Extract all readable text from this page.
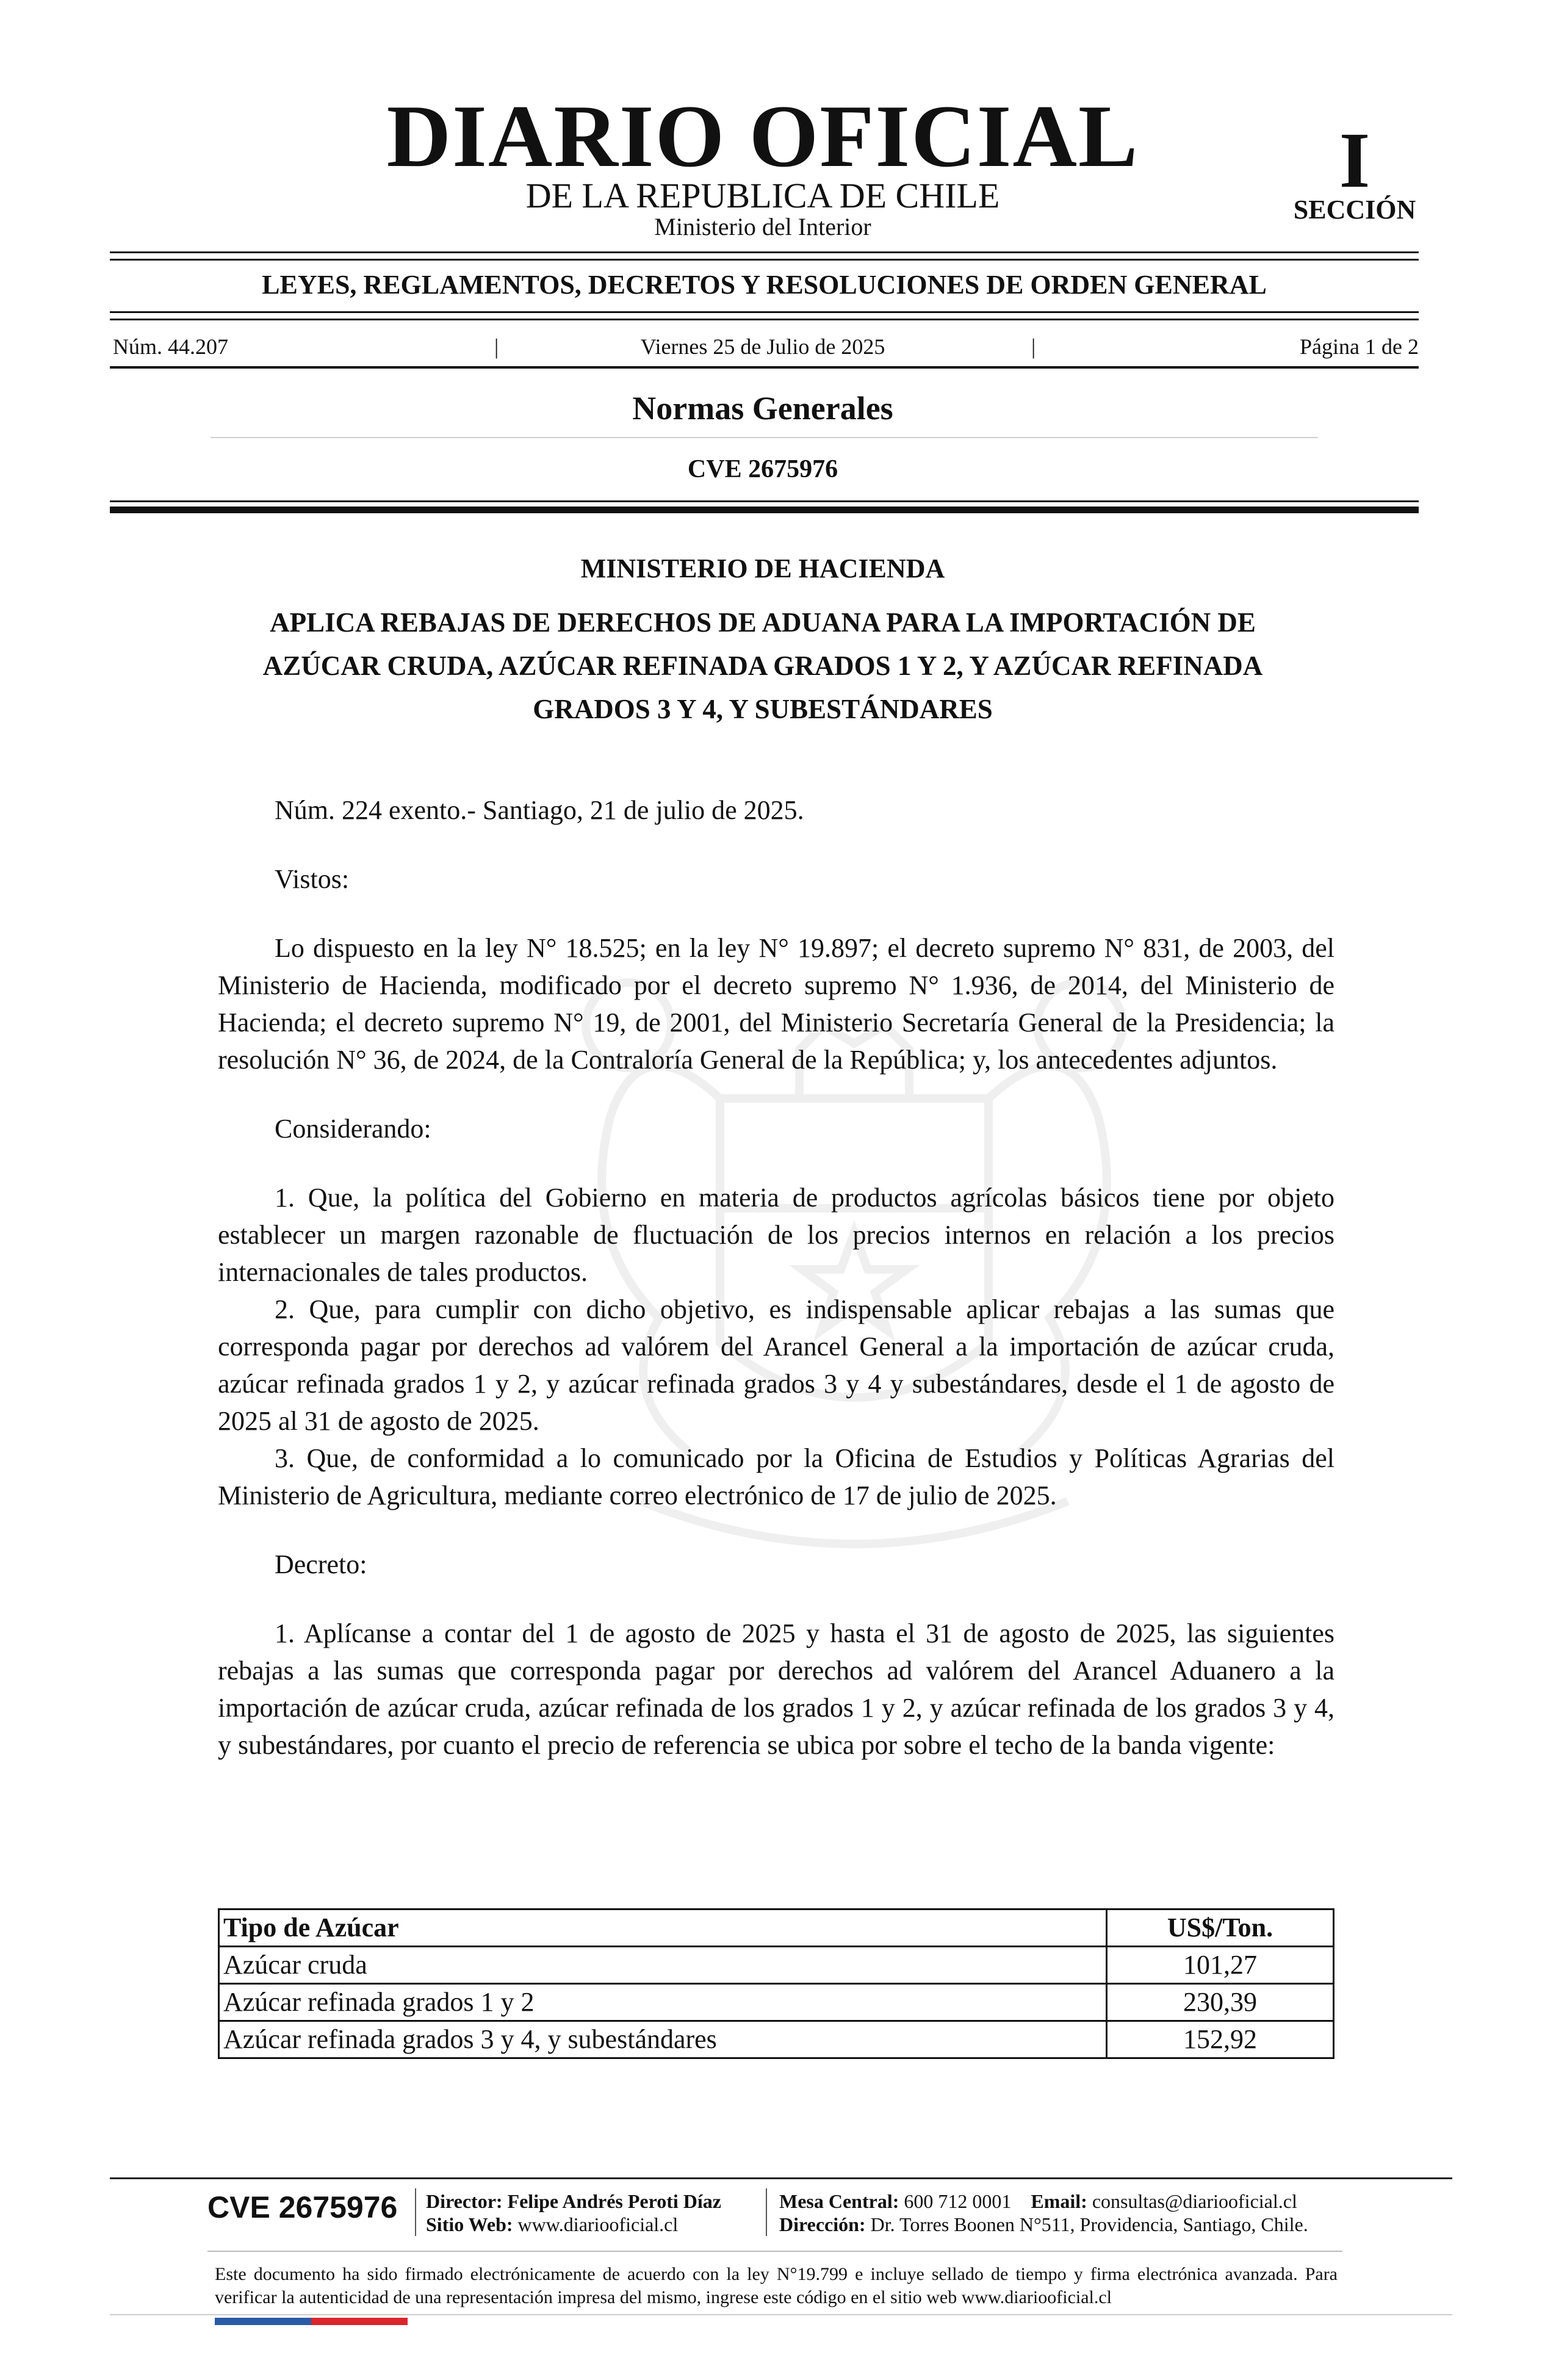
DIARIO OFICIAL
DE LA REPUBLICA DE CHILE
Ministerio del Interior
I
SECCIÓN
LEYES, REGLAMENTOS, DECRETOS Y RESOLUCIONES DE ORDEN GENERAL
Núm. 44.207	|	Viernes 25 de Julio de 2025	|	Página 1 de 2
Normas Generales
CVE 2675976
MINISTERIO DE HACIENDA
APLICA REBAJAS DE DERECHOS DE ADUANA PARA LA IMPORTACIÓN DE
AZÚCAR CRUDA, AZÚCAR REFINADA GRADOS 1 Y 2, Y AZÚCAR REFINADA
GRADOS 3 Y 4, Y SUBESTÁNDARES

Núm. 224 exento.- Santiago, 21 de julio de 2025.

Vistos:

Lo dispuesto en la ley N° 18.525; en la ley N° 19.897; el decreto supremo N° 831, de 2003, del Ministerio de Hacienda, modificado por el decreto supremo N° 1.936, de 2014, del Ministerio de Hacienda; el decreto supremo N° 19, de 2001, del Ministerio Secretaría General de la Presidencia; la resolución N° 36, de 2024, de la Contraloría General de la República; y, los antecedentes adjuntos.

Considerando:

1. Que, la política del Gobierno en materia de productos agrícolas básicos tiene por objeto establecer un margen razonable de fluctuación de los precios internos en relación a los precios internacionales de tales productos.

2. Que, para cumplir con dicho objetivo, es indispensable aplicar rebajas a las sumas que corresponda pagar por derechos ad valórem del Arancel General a la importación de azúcar cruda, azúcar refinada grados 1 y 2, y azúcar refinada grados 3 y 4 y subestándares, desde el 1 de agosto de 2025 al 31 de agosto de 2025.

3. Que, de conformidad a lo comunicado por la Oficina de Estudios y Políticas Agrarias del Ministerio de Agricultura, mediante correo electrónico de 17 de julio de 2025.

Decreto:

1. Aplícanse a contar del 1 de agosto de 2025 y hasta el 31 de agosto de 2025, las siguientes rebajas a las sumas que corresponda pagar por derechos ad valórem del Arancel Aduanero a la importación de azúcar cruda, azúcar refinada de los grados 1 y 2, y azúcar refinada de los grados 3 y 4, y subestándares, por cuanto el precio de referencia se ubica por sobre el techo de la banda vigente:

Tipo de Azúcar	US$/Ton.
Azúcar cruda	101,27
Azúcar refinada grados 1 y 2	230,39
Azúcar refinada grados 3 y 4, y subestándares	152,92
CVE 2675976 Director: Felipe Andrés Peroti Díaz
Sitio Web: www.diariooficial.cl
Mesa Central: 600 712 0001 Email: consultas@diariooficial.cl
Dirección: Dr. Torres Boonen N°511, Providencia, Santiago, Chile.
Este documento ha sido firmado electrónicamente de acuerdo con la ley N°19.799 e incluye sellado de tiempo y firma electrónica avanzada. Para verificar la autenticidad de una representación impresa del mismo, ingrese este código en el sitio web www.diariooficial.cl
